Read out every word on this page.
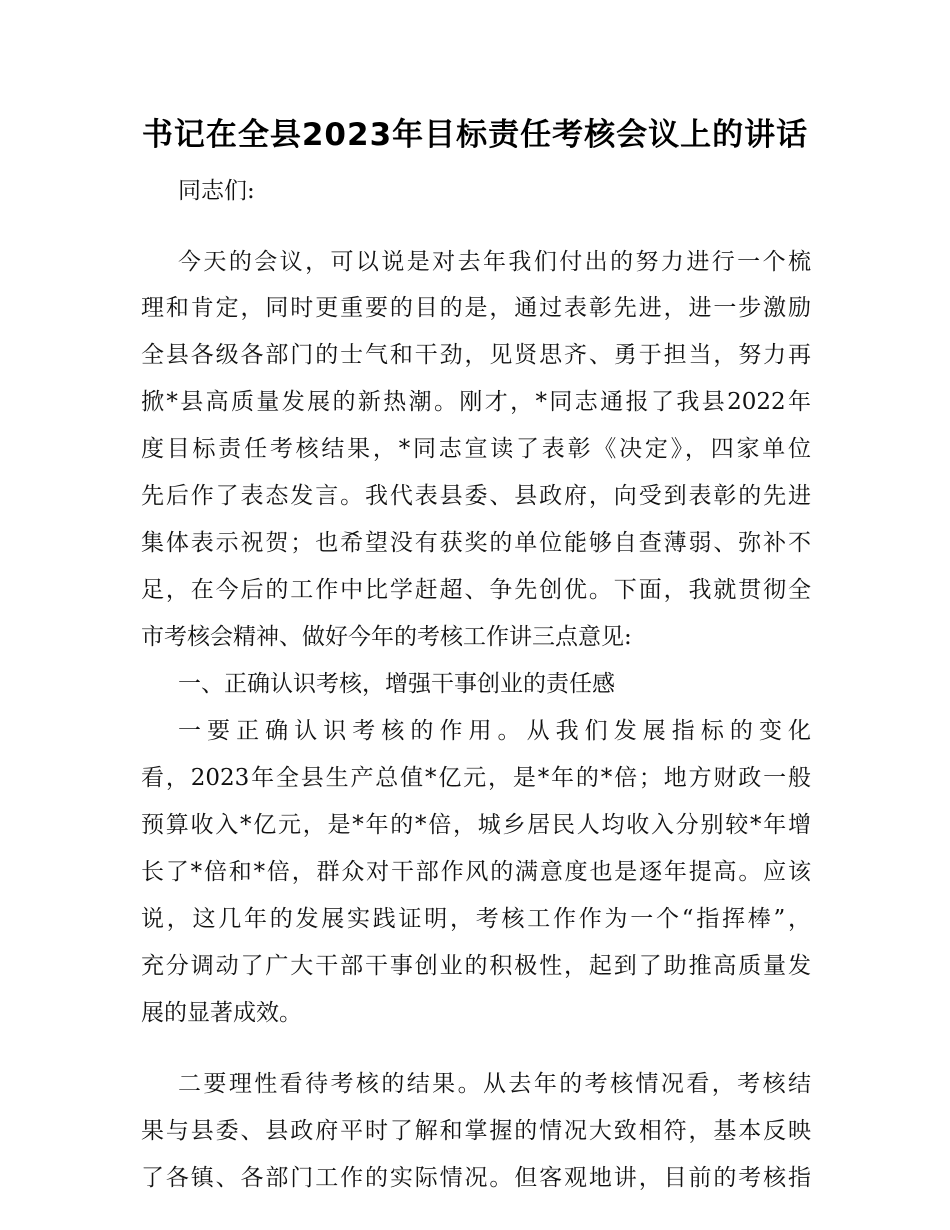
书记在全县2023年目标责任考核会议上的讲话
同志们:
今天的会议，可以说是对去年我们付出的努力进行一个梳
理和肯定，同时更重要的目的是，通过表彰先进，进一步激励
全县各级各部门的士气和干劲，见贤思齐、勇于担当，努力再
掀*县高质量发展的新热潮。刚才，*同志通报了我县2022年
度目标责任考核结果，*同志宣读了表彰《决定》，四家单位
先后作了表态发言。我代表县委、县政府，向受到表彰的先进
集体表示祝贺；也希望没有获奖的单位能够自查薄弱、弥补不
足，在今后的工作中比学赶超、争先创优。下面，我就贯彻全
市考核会精神、做好今年的考核工作讲三点意见:
一、正确认识考核，增强干事创业的责任感
一要正确认识考核的作用。从我们发展指标的变化
看，2023年全县生产总值*亿元，是*年的*倍；地方财政一般
预算收入*亿元，是*年的*倍，城乡居民人均收入分别较*年增
长了*倍和*倍，群众对干部作风的满意度也是逐年提高。应该
说，这几年的发展实践证明，考核工作作为一个“指挥棒”，
充分调动了广大干部干事创业的积极性，起到了助推高质量发
展的显著成效。
二要理性看待考核的结果。从去年的考核情况看，考核结
果与县委、县政府平时了解和掌握的情况大致相符，基本反映
了各镇、各部门工作的实际情况。但客观地讲，目前的考核指
